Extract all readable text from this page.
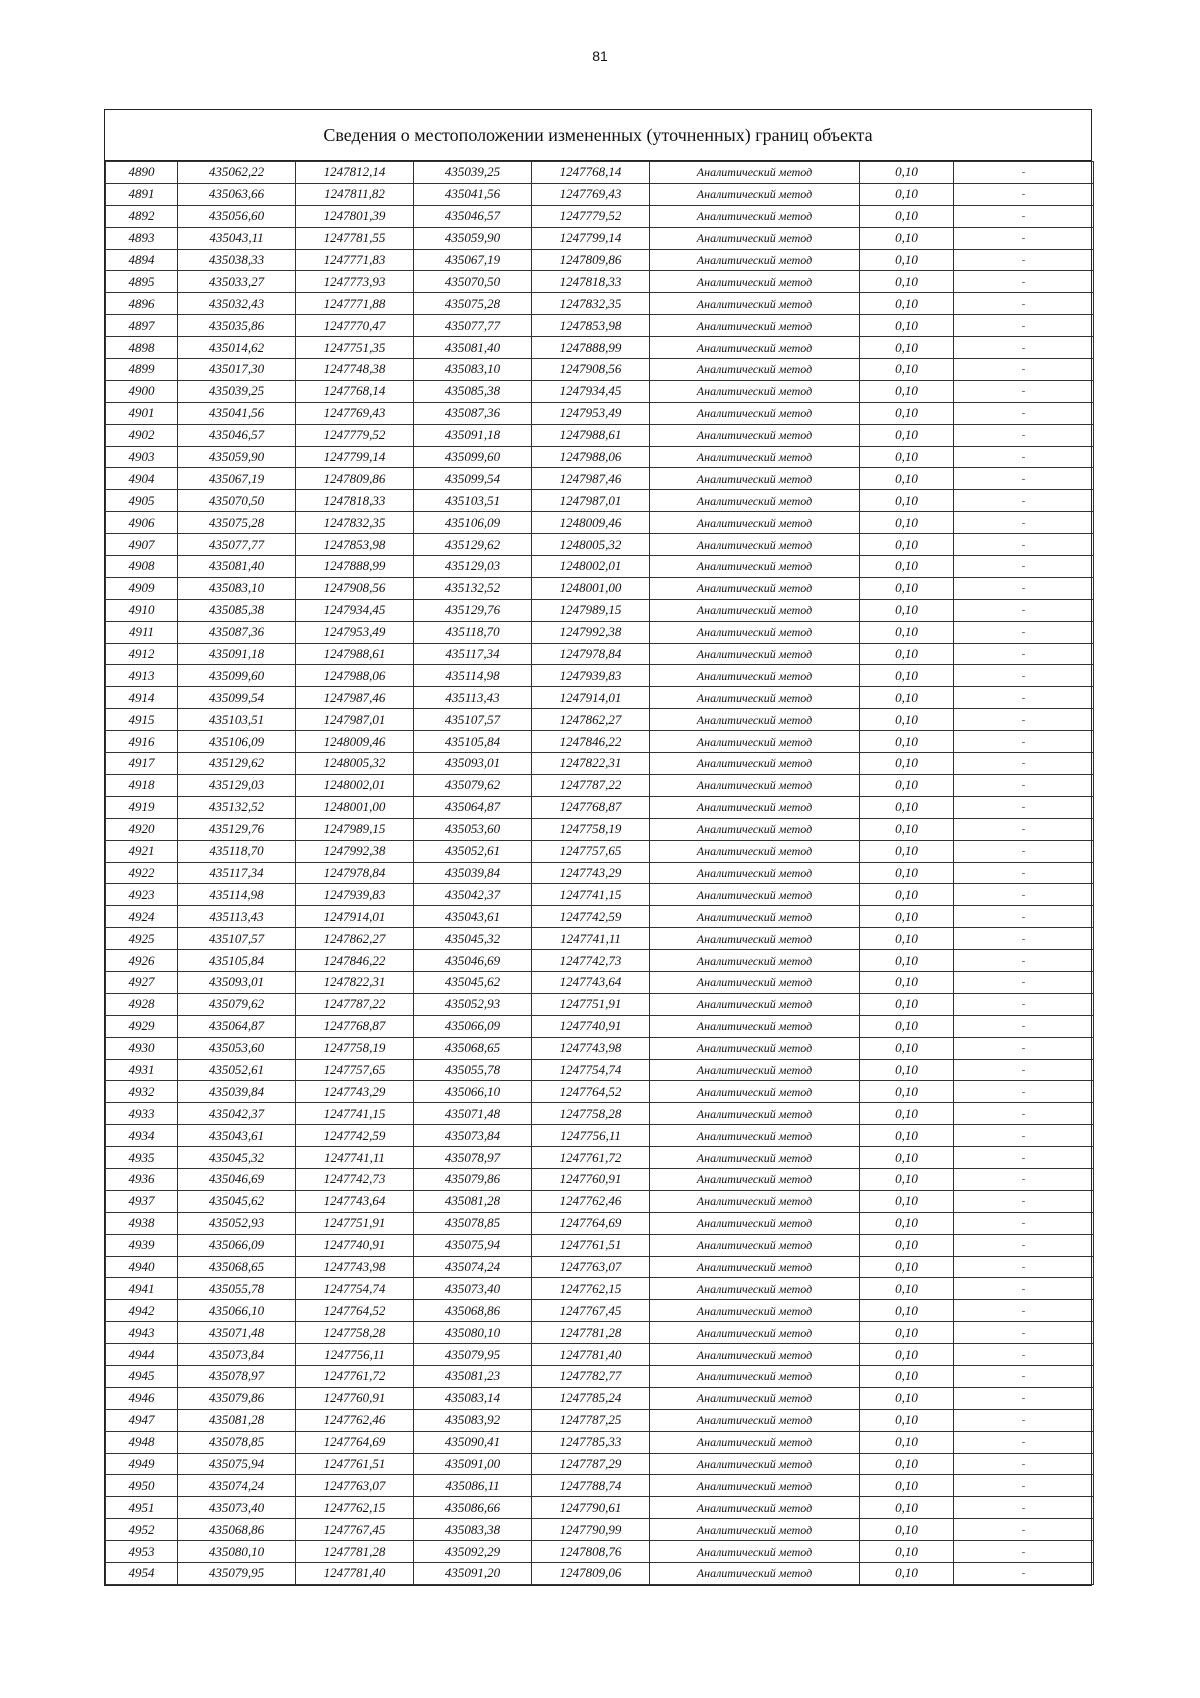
81
Сведения о местоположении измененных (уточненных) границ объекта
4890	435062,22	1247812,14	435039,25	1247768,14	Аналитический метод	0,10	-
4891	435063,66	1247811,82	435041,56	1247769,43	Аналитический метод	0,10	-
4892	435056,60	1247801,39	435046,57	1247779,52	Аналитический метод	0,10	-
4893	435043,11	1247781,55	435059,90	1247799,14	Аналитический метод	0,10	-
4894	435038,33	1247771,83	435067,19	1247809,86	Аналитический метод	0,10	-
4895	435033,27	1247773,93	435070,50	1247818,33	Аналитический метод	0,10	-
4896	435032,43	1247771,88	435075,28	1247832,35	Аналитический метод	0,10	-
4897	435035,86	1247770,47	435077,77	1247853,98	Аналитический метод	0,10	-
4898	435014,62	1247751,35	435081,40	1247888,99	Аналитический метод	0,10	-
4899	435017,30	1247748,38	435083,10	1247908,56	Аналитический метод	0,10	-
4900	435039,25	1247768,14	435085,38	1247934,45	Аналитический метод	0,10	-
4901	435041,56	1247769,43	435087,36	1247953,49	Аналитический метод	0,10	-
4902	435046,57	1247779,52	435091,18	1247988,61	Аналитический метод	0,10	-
4903	435059,90	1247799,14	435099,60	1247988,06	Аналитический метод	0,10	-
4904	435067,19	1247809,86	435099,54	1247987,46	Аналитический метод	0,10	-
4905	435070,50	1247818,33	435103,51	1247987,01	Аналитический метод	0,10	-
4906	435075,28	1247832,35	435106,09	1248009,46	Аналитический метод	0,10	-
4907	435077,77	1247853,98	435129,62	1248005,32	Аналитический метод	0,10	-
4908	435081,40	1247888,99	435129,03	1248002,01	Аналитический метод	0,10	-
4909	435083,10	1247908,56	435132,52	1248001,00	Аналитический метод	0,10	-
4910	435085,38	1247934,45	435129,76	1247989,15	Аналитический метод	0,10	-
4911	435087,36	1247953,49	435118,70	1247992,38	Аналитический метод	0,10	-
4912	435091,18	1247988,61	435117,34	1247978,84	Аналитический метод	0,10	-
4913	435099,60	1247988,06	435114,98	1247939,83	Аналитический метод	0,10	-
4914	435099,54	1247987,46	435113,43	1247914,01	Аналитический метод	0,10	-
4915	435103,51	1247987,01	435107,57	1247862,27	Аналитический метод	0,10	-
4916	435106,09	1248009,46	435105,84	1247846,22	Аналитический метод	0,10	-
4917	435129,62	1248005,32	435093,01	1247822,31	Аналитический метод	0,10	-
4918	435129,03	1248002,01	435079,62	1247787,22	Аналитический метод	0,10	-
4919	435132,52	1248001,00	435064,87	1247768,87	Аналитический метод	0,10	-
4920	435129,76	1247989,15	435053,60	1247758,19	Аналитический метод	0,10	-
4921	435118,70	1247992,38	435052,61	1247757,65	Аналитический метод	0,10	-
4922	435117,34	1247978,84	435039,84	1247743,29	Аналитический метод	0,10	-
4923	435114,98	1247939,83	435042,37	1247741,15	Аналитический метод	0,10	-
4924	435113,43	1247914,01	435043,61	1247742,59	Аналитический метод	0,10	-
4925	435107,57	1247862,27	435045,32	1247741,11	Аналитический метод	0,10	-
4926	435105,84	1247846,22	435046,69	1247742,73	Аналитический метод	0,10	-
4927	435093,01	1247822,31	435045,62	1247743,64	Аналитический метод	0,10	-
4928	435079,62	1247787,22	435052,93	1247751,91	Аналитический метод	0,10	-
4929	435064,87	1247768,87	435066,09	1247740,91	Аналитический метод	0,10	-
4930	435053,60	1247758,19	435068,65	1247743,98	Аналитический метод	0,10	-
4931	435052,61	1247757,65	435055,78	1247754,74	Аналитический метод	0,10	-
4932	435039,84	1247743,29	435066,10	1247764,52	Аналитический метод	0,10	-
4933	435042,37	1247741,15	435071,48	1247758,28	Аналитический метод	0,10	-
4934	435043,61	1247742,59	435073,84	1247756,11	Аналитический метод	0,10	-
4935	435045,32	1247741,11	435078,97	1247761,72	Аналитический метод	0,10	-
4936	435046,69	1247742,73	435079,86	1247760,91	Аналитический метод	0,10	-
4937	435045,62	1247743,64	435081,28	1247762,46	Аналитический метод	0,10	-
4938	435052,93	1247751,91	435078,85	1247764,69	Аналитический метод	0,10	-
4939	435066,09	1247740,91	435075,94	1247761,51	Аналитический метод	0,10	-
4940	435068,65	1247743,98	435074,24	1247763,07	Аналитический метод	0,10	-
4941	435055,78	1247754,74	435073,40	1247762,15	Аналитический метод	0,10	-
4942	435066,10	1247764,52	435068,86	1247767,45	Аналитический метод	0,10	-
4943	435071,48	1247758,28	435080,10	1247781,28	Аналитический метод	0,10	-
4944	435073,84	1247756,11	435079,95	1247781,40	Аналитический метод	0,10	-
4945	435078,97	1247761,72	435081,23	1247782,77	Аналитический метод	0,10	-
4946	435079,86	1247760,91	435083,14	1247785,24	Аналитический метод	0,10	-
4947	435081,28	1247762,46	435083,92	1247787,25	Аналитический метод	0,10	-
4948	435078,85	1247764,69	435090,41	1247785,33	Аналитический метод	0,10	-
4949	435075,94	1247761,51	435091,00	1247787,29	Аналитический метод	0,10	-
4950	435074,24	1247763,07	435086,11	1247788,74	Аналитический метод	0,10	-
4951	435073,40	1247762,15	435086,66	1247790,61	Аналитический метод	0,10	-
4952	435068,86	1247767,45	435083,38	1247790,99	Аналитический метод	0,10	-
4953	435080,10	1247781,28	435092,29	1247808,76	Аналитический метод	0,10	-
4954	435079,95	1247781,40	435091,20	1247809,06	Аналитический метод	0,10	-
